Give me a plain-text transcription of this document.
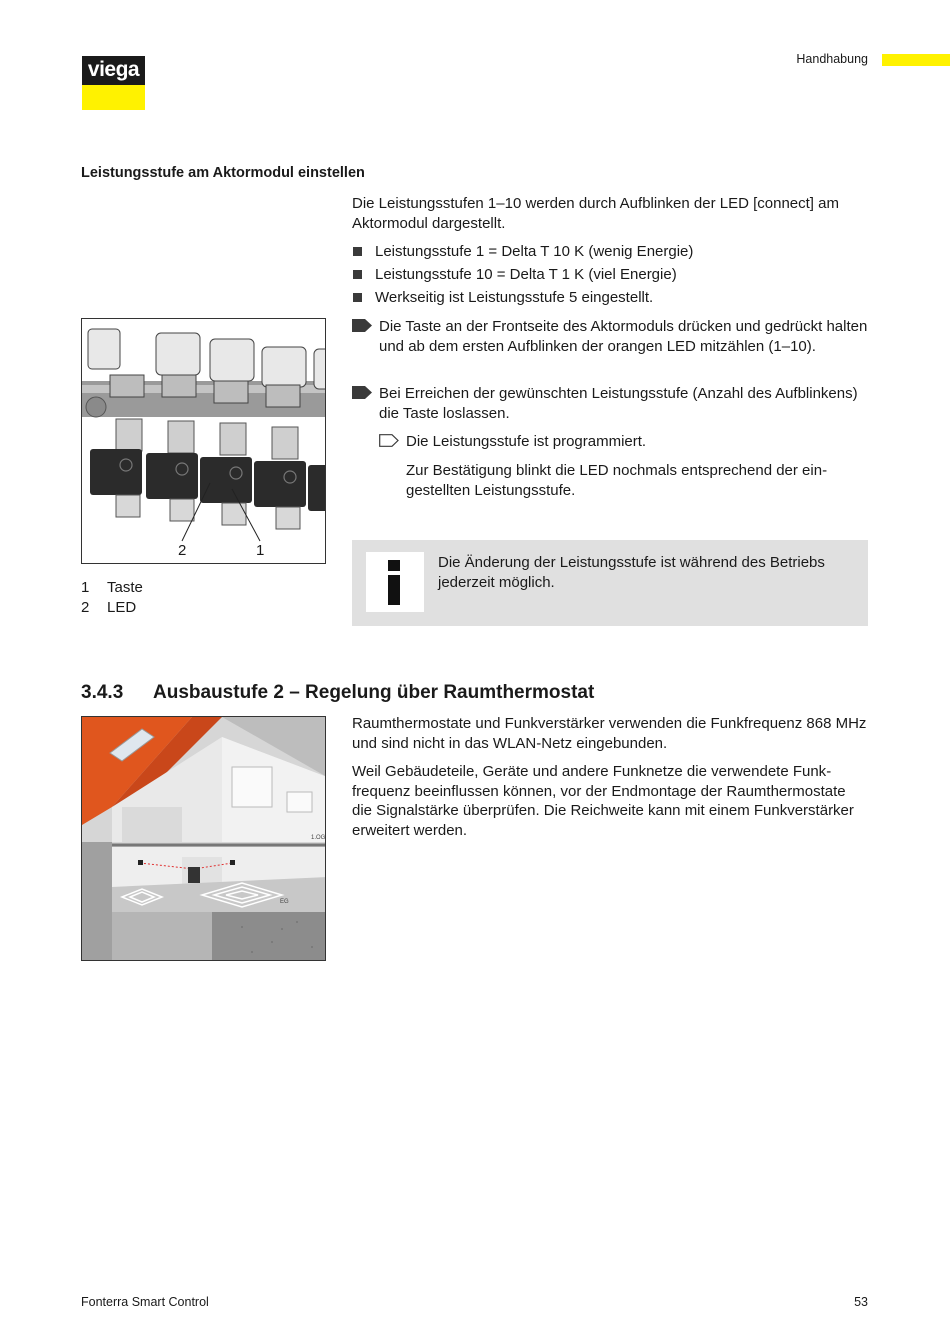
viega	Handhabung
Leistungsstufe am Aktormodul einstellen
Die Leistungsstufen 1–10 werden durch Aufblinken der LED [connect] am Aktormodul dargestellt.
Leistungsstufe 1 = Delta T 10 K (wenig Energie)
Leistungsstufe 10 = Delta T 1 K (viel Energie)
Werkseitig ist Leistungsstufe 5 eingestellt.
Die Taste an der Frontseite des Aktormoduls drücken und gedrückt halten und ab dem ersten Aufblinken der orangen LED mitzählen (1–10).
Bei Erreichen der gewünschten Leistungsstufe (Anzahl des Aufblinkens) die Taste loslassen.
Die Leistungsstufe ist programmiert.
Zur Bestätigung blinkt die LED nochmals entsprechend der eingestellten Leistungsstufe.
2	1
1 Taste
2 LED
Die Änderung der Leistungsstufe ist während des Betriebs jederzeit möglich.
3.4.3 Ausbaustufe 2 – Regelung über Raumthermostat
Raumthermostate und Funkverstärker verwenden die Funkfrequenz 868 MHz und sind nicht in das WLAN-Netz eingebunden.
Weil Gebäudeteile, Geräte und andere Funknetze die verwendete Funkfrequenz beeinflussen können, vor der Endmontage der Raumthermostate die Signalstärke überprüfen. Die Reichweite kann mit einem Funkverstärker erweitert werden.
1.OG
EG
Fonterra Smart Control	53
